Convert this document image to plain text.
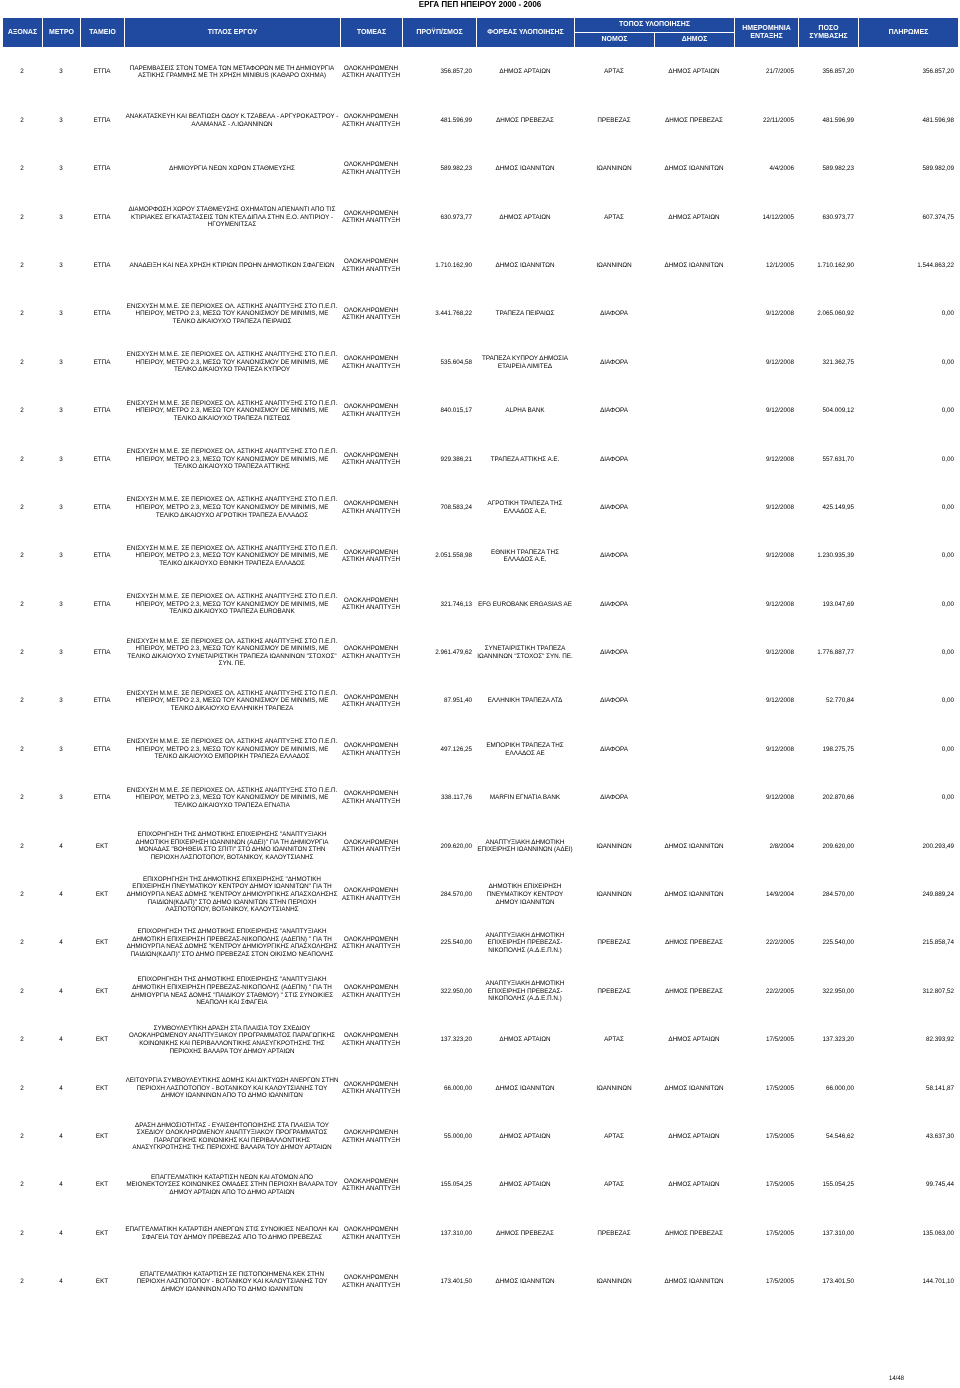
ΕΡΓΑ ΠΕΠ ΗΠΕΙΡΟΥ 2000 - 2006
ΑΞΟΝΑΣ	ΜΕΤΡΟ	ΤΑΜΕΙΟ	ΤΙΤΛΟΣ ΕΡΓΟΥ	ΤΟΜΕΑΣ	ΠΡΟΫΠ/ΣΜΟΣ	ΦΟΡΕΑΣ ΥΛΟΠΟΙΗΣΗΣ	ΤΟΠΟΣ ΥΛΟΠΟΙΗΣΗΣ		ΗΜΕΡΟΜΗΝΙΑ ΕΝΤΑΞΗΣ	ΠΟΣΟ ΣΥΜΒΑΣΗΣ	ΠΛΗΡΩΜΕΣ
							ΝΟΜΟΣ	ΔΗΜΟΣ			
2	3	ΕΤΠΑ	ΠΑΡΕΜΒΑΣΕΙΣ ΣΤΟΝ ΤΟΜΕΑ ΤΩΝ ΜΕΤΑΦΟΡΩΝ ΜΕ ΤΗ ΔΗΜΙΟΥΡΓΙΑ ΑΣΤΙΚΗΣ ΓΡΑΜΜΗΣ ΜΕ ΤΗ ΧΡΗΣΗ MINIBUS (ΚΑΘΑΡΟ ΟΧΗΜΑ)	ΟΛΟΚΛΗΡΩΜΕΝΗ ΑΣΤΙΚΗ ΑΝΑΠΤΥΞΗ	356.857,20	ΔΗΜΟΣ ΑΡΤΑΙΩΝ	ΑΡΤΑΣ	ΔΗΜΟΣ ΑΡΤΑΙΩΝ	21/7/2005	356.857,20	356.857,20
2	3	ΕΤΠΑ	ΑΝΑΚΑΤΑΣΚΕΥΗ ΚΑΙ ΒΕΛΤΙΩΣΗ ΟΔΟΥ Κ.ΤΖΑΒΕΛΑ - ΑΡΓΥΡΟΚΑΣΤΡΟΥ - ΑΛΑΜΑΝΑΣ - Λ.ΙΩΑΝΝΙΝΩΝ	ΟΛΟΚΛΗΡΩΜΕΝΗ ΑΣΤΙΚΗ ΑΝΑΠΤΥΞΗ	481.596,99	ΔΗΜΟΣ ΠΡΕΒΕΖΑΣ	ΠΡΕΒΕΖΑΣ	ΔΗΜΟΣ ΠΡΕΒΕΖΑΣ	22/11/2005	481.596,99	481.596,98
2	3	ΕΤΠΑ	ΔΗΜΙΟΥΡΓΙΑ ΝΕΩΝ ΧΩΡΩΝ ΣΤΑΘΜΕΥΣΗΣ	ΟΛΟΚΛΗΡΩΜΕΝΗ ΑΣΤΙΚΗ ΑΝΑΠΤΥΞΗ	589.982,23	ΔΗΜΟΣ ΙΩΑΝΝΙΤΩΝ	ΙΩΑΝΝΙΝΩΝ	ΔΗΜΟΣ ΙΩΑΝΝΙΤΩΝ	4/4/2006	589.982,23	589.982,09
2	3	ΕΤΠΑ	ΔΙΑΜΟΡΦΩΣΗ ΧΩΡΟΥ ΣΤΑΘΜΕΥΣΗΣ ΟΧΗΜΑΤΩΝ ΑΠΕΝΑΝΤΙ ΑΠΟ ΤΙΣ ΚΤΙΡΙΑΚΕΣ ΕΓΚΑΤΑΣΤΑΣΕΙΣ ΤΩΝ ΚΤΕΛ ΔΙΠΛΑ ΣΤΗΝ Ε.Ο. ΑΝΤΙΡΙΟΥ - ΗΓΟΥΜΕΝΙΤΣΑΣ	ΟΛΟΚΛΗΡΩΜΕΝΗ ΑΣΤΙΚΗ ΑΝΑΠΤΥΞΗ	630.973,77	ΔΗΜΟΣ ΑΡΤΑΙΩΝ	ΑΡΤΑΣ	ΔΗΜΟΣ ΑΡΤΑΙΩΝ	14/12/2005	630.973,77	607.374,75
2	3	ΕΤΠΑ	ΑΝΑΔΕΙΞΗ ΚΑΙ ΝΕΑ ΧΡΗΣΗ ΚΤΙΡΙΩΝ ΠΡΩΗΝ ΔΗΜΟΤΙΚΩΝ ΣΦΑΓΕΙΩΝ	ΟΛΟΚΛΗΡΩΜΕΝΗ ΑΣΤΙΚΗ ΑΝΑΠΤΥΞΗ	1.710.162,90	ΔΗΜΟΣ ΙΩΑΝΝΙΤΩΝ	ΙΩΑΝΝΙΝΩΝ	ΔΗΜΟΣ ΙΩΑΝΝΙΤΩΝ	12/1/2005	1.710.162,90	1.544.863,22
2	3	ΕΤΠΑ	ΕΝΙΣΧΥΣΗ Μ.Μ.Ε. ΣΕ ΠΕΡΙΟΧΕΣ ΟΛ. ΑΣΤΙΚΗΣ ΑΝΑΠΤΥΞΗΣ ΣΤΟ Π.Ε.Π. ΗΠΕΙΡΟΥ, ΜΕΤΡΟ 2.3, ΜΕΣΩ ΤΟΥ ΚΑΝΟΝΙΣΜΟΥ DE MINIMIS, ΜΕ ΤΕΛΙΚΟ ΔΙΚΑΙΟΥΧΟ ΤΡΑΠΕΖΑ ΠΕΙΡΑΙΩΣ	ΟΛΟΚΛΗΡΩΜΕΝΗ ΑΣΤΙΚΗ ΑΝΑΠΤΥΞΗ	3.441.768,22	ΤΡΑΠΕΖΑ ΠΕΙΡΑΙΩΣ	ΔΙΑΦΟΡΑ		9/12/2008	2.065.060,92	0,00
2	3	ΕΤΠΑ	ΕΝΙΣΧΥΣΗ Μ.Μ.Ε. ΣΕ ΠΕΡΙΟΧΕΣ ΟΛ. ΑΣΤΙΚΗΣ ΑΝΑΠΤΥΞΗΣ ΣΤΟ Π.Ε.Π. ΗΠΕΙΡΟΥ, ΜΕΤΡΟ 2.3, ΜΕΣΩ ΤΟΥ ΚΑΝΟΝΙΣΜΟΥ DE MINIMIS, ΜΕ ΤΕΛΙΚΟ ΔΙΚΑΙΟΥΧΟ ΤΡΑΠΕΖΑ ΚΥΠΡΟΥ	ΟΛΟΚΛΗΡΩΜΕΝΗ ΑΣΤΙΚΗ ΑΝΑΠΤΥΞΗ	535.604,58	ΤΡΑΠΕΖΑ ΚΥΠΡΟΥ ΔΗΜΟΣΙΑ ΕΤΑΙΡΕΙΑ ΛΙΜΙΤΕΔ	ΔΙΑΦΟΡΑ		9/12/2008	321.362,75	0,00
2	3	ΕΤΠΑ	ΕΝΙΣΧΥΣΗ Μ.Μ.Ε. ΣΕ ΠΕΡΙΟΧΕΣ ΟΛ. ΑΣΤΙΚΗΣ ΑΝΑΠΤΥΞΗΣ ΣΤΟ Π.Ε.Π. ΗΠΕΙΡΟΥ, ΜΕΤΡΟ 2.3, ΜΕΣΩ ΤΟΥ ΚΑΝΟΝΙΣΜΟΥ DE MINIMIS, ΜΕ ΤΕΛΙΚΟ ΔΙΚΑΙΟΥΧΟ ΤΡΑΠΕΖΑ ΠΙΣΤΕΩΣ	ΟΛΟΚΛΗΡΩΜΕΝΗ ΑΣΤΙΚΗ ΑΝΑΠΤΥΞΗ	840.015,17	ALPHA BANK	ΔΙΑΦΟΡΑ		9/12/2008	504.009,12	0,00
2	3	ΕΤΠΑ	ΕΝΙΣΧΥΣΗ Μ.Μ.Ε. ΣΕ ΠΕΡΙΟΧΕΣ ΟΛ. ΑΣΤΙΚΗΣ ΑΝΑΠΤΥΞΗΣ ΣΤΟ Π.Ε.Π. ΗΠΕΙΡΟΥ, ΜΕΤΡΟ 2.3, ΜΕΣΩ ΤΟΥ ΚΑΝΟΝΙΣΜΟΥ DE MINIMIS, ΜΕ ΤΕΛΙΚΟ ΔΙΚΑΙΟΥΧΟ ΤΡΑΠΕΖΑ ΑΤΤΙΚΗΣ	ΟΛΟΚΛΗΡΩΜΕΝΗ ΑΣΤΙΚΗ ΑΝΑΠΤΥΞΗ	929.386,21	ΤΡΑΠΕΖΑ ΑΤΤΙΚΗΣ Α.Ε.	ΔΙΑΦΟΡΑ		9/12/2008	557.631,70	0,00
2	3	ΕΤΠΑ	ΕΝΙΣΧΥΣΗ Μ.Μ.Ε. ΣΕ ΠΕΡΙΟΧΕΣ ΟΛ. ΑΣΤΙΚΗΣ ΑΝΑΠΤΥΞΗΣ ΣΤΟ Π.Ε.Π. ΗΠΕΙΡΟΥ, ΜΕΤΡΟ 2.3, ΜΕΣΩ ΤΟΥ ΚΑΝΟΝΙΣΜΟΥ DE MINIMIS, ΜΕ ΤΕΛΙΚΟ ΔΙΚΑΙΟΥΧΟ ΑΓΡΟΤΙΚΗ ΤΡΑΠΕΖΑ ΕΛΛΑΔΟΣ	ΟΛΟΚΛΗΡΩΜΕΝΗ ΑΣΤΙΚΗ ΑΝΑΠΤΥΞΗ	708.583,24	ΑΓΡΟΤΙΚΗ ΤΡΑΠΕΖΑ ΤΗΣ ΕΛΛΑΔΟΣ Α.Ε.	ΔΙΑΦΟΡΑ		9/12/2008	425.149,95	0,00
2	3	ΕΤΠΑ	ΕΝΙΣΧΥΣΗ Μ.Μ.Ε. ΣΕ ΠΕΡΙΟΧΕΣ ΟΛ. ΑΣΤΙΚΗΣ ΑΝΑΠΤΥΞΗΣ ΣΤΟ Π.Ε.Π. ΗΠΕΙΡΟΥ, ΜΕΤΡΟ 2.3, ΜΕΣΩ ΤΟΥ ΚΑΝΟΝΙΣΜΟΥ DE MINIMIS, ΜΕ ΤΕΛΙΚΟ ΔΙΚΑΙΟΥΧΟ ΕΘΝΙΚΗ ΤΡΑΠΕΖΑ ΕΛΛΑΔΟΣ	ΟΛΟΚΛΗΡΩΜΕΝΗ ΑΣΤΙΚΗ ΑΝΑΠΤΥΞΗ	2.051.558,98	ΕΘΝΙΚΗ ΤΡΑΠΕΖΑ ΤΗΣ ΕΛΛΑΔΟΣ Α.Ε.	ΔΙΑΦΟΡΑ		9/12/2008	1.230.935,39	0,00
2	3	ΕΤΠΑ	ΕΝΙΣΧΥΣΗ Μ.Μ.Ε. ΣΕ ΠΕΡΙΟΧΕΣ ΟΛ. ΑΣΤΙΚΗΣ ΑΝΑΠΤΥΞΗΣ ΣΤΟ Π.Ε.Π. ΗΠΕΙΡΟΥ, ΜΕΤΡΟ 2.3, ΜΕΣΩ ΤΟΥ ΚΑΝΟΝΙΣΜΟΥ DE MINIMIS, ΜΕ ΤΕΛΙΚΟ ΔΙΚΑΙΟΥΧΟ ΤΡΑΠΕΖΑ EUROBANK	ΟΛΟΚΛΗΡΩΜΕΝΗ ΑΣΤΙΚΗ ΑΝΑΠΤΥΞΗ	321.746,13	EFG EUROBANK ERGASIAS AE	ΔΙΑΦΟΡΑ		9/12/2008	193.047,69	0,00
2	3	ΕΤΠΑ	ΕΝΙΣΧΥΣΗ Μ.Μ.Ε. ΣΕ ΠΕΡΙΟΧΕΣ ΟΛ. ΑΣΤΙΚΗΣ ΑΝΑΠΤΥΞΗΣ ΣΤΟ Π.Ε.Π. ΗΠΕΙΡΟΥ, ΜΕΤΡΟ 2.3, ΜΕΣΩ ΤΟΥ ΚΑΝΟΝΙΣΜΟΥ DE MINIMIS, ΜΕ ΤΕΛΙΚΟ ΔΙΚΑΙΟΥΧΟ ΣΥΝΕΤΑΙΡΙΣΤΙΚΗ ΤΡΑΠΕΖΑ ΙΩΑΝΝΙΝΩΝ "ΣΤΟΧΟΣ" ΣΥΝ. ΠΕ.	ΟΛΟΚΛΗΡΩΜΕΝΗ ΑΣΤΙΚΗ ΑΝΑΠΤΥΞΗ	2.961.479,62	ΣΥΝΕΤΑΙΡΙΣΤΙΚΗ ΤΡΑΠΕΖΑ ΙΩΑΝΝΙΝΩΝ "ΣΤΟΧΟΣ" ΣΥΝ. ΠΕ.	ΔΙΑΦΟΡΑ		9/12/2008	1.776.887,77	0,00
2	3	ΕΤΠΑ	ΕΝΙΣΧΥΣΗ Μ.Μ.Ε. ΣΕ ΠΕΡΙΟΧΕΣ ΟΛ. ΑΣΤΙΚΗΣ ΑΝΑΠΤΥΞΗΣ ΣΤΟ Π.Ε.Π. ΗΠΕΙΡΟΥ, ΜΕΤΡΟ 2.3, ΜΕΣΩ ΤΟΥ ΚΑΝΟΝΙΣΜΟΥ DE MINIMIS, ΜΕ ΤΕΛΙΚΟ ΔΙΚΑΙΟΥΧΟ ΕΛΛΗΝΙΚΗ ΤΡΑΠΕΖΑ	ΟΛΟΚΛΗΡΩΜΕΝΗ ΑΣΤΙΚΗ ΑΝΑΠΤΥΞΗ	87.951,40	ΕΛΛΗΝΙΚΗ ΤΡΑΠΕΖΑ ΛΤΔ	ΔΙΑΦΟΡΑ		9/12/2008	52.770,84	0,00
2	3	ΕΤΠΑ	ΕΝΙΣΧΥΣΗ Μ.Μ.Ε. ΣΕ ΠΕΡΙΟΧΕΣ ΟΛ. ΑΣΤΙΚΗΣ ΑΝΑΠΤΥΞΗΣ ΣΤΟ Π.Ε.Π. ΗΠΕΙΡΟΥ, ΜΕΤΡΟ 2.3, ΜΕΣΩ ΤΟΥ ΚΑΝΟΝΙΣΜΟΥ DE MINIMIS, ΜΕ ΤΕΛΙΚΟ ΔΙΚΑΙΟΥΧΟ ΕΜΠΟΡΙΚΗ ΤΡΑΠΕΖΑ ΕΛΛΑΔΟΣ	ΟΛΟΚΛΗΡΩΜΕΝΗ ΑΣΤΙΚΗ ΑΝΑΠΤΥΞΗ	497.126,25	ΕΜΠΟΡΙΚΗ ΤΡΑΠΕΖΑ ΤΗΣ ΕΛΛΑΔΟΣ ΑΕ	ΔΙΑΦΟΡΑ		9/12/2008	198.275,75	0,00
2	3	ΕΤΠΑ	ΕΝΙΣΧΥΣΗ Μ.Μ.Ε. ΣΕ ΠΕΡΙΟΧΕΣ ΟΛ. ΑΣΤΙΚΗΣ ΑΝΑΠΤΥΞΗΣ ΣΤΟ Π.Ε.Π. ΗΠΕΙΡΟΥ, ΜΕΤΡΟ 2.3, ΜΕΣΩ ΤΟΥ ΚΑΝΟΝΙΣΜΟΥ DE MINIMIS, ΜΕ ΤΕΛΙΚΟ ΔΙΚΑΙΟΥΧΟ ΤΡΑΠΕΖΑ ΕΓΝΑΤΙΑ	ΟΛΟΚΛΗΡΩΜΕΝΗ ΑΣΤΙΚΗ ΑΝΑΠΤΥΞΗ	338.117,76	MARFIN ΕΓΝΑΤΙΑ BANK	ΔΙΑΦΟΡΑ		9/12/2008	202.870,66	0,00
2	4	ΕΚΤ	ΕΠΙΧΟΡΗΓΗΣΗ ΤΗΣ ΔΗΜΟΤΙΚΗΣ ΕΠΙΧΕΙΡΗΣΗΣ "ΑΝΑΠΤΥΞΙΑΚΗ ΔΗΜΟΤΙΚΗ ΕΠΙΧΕΙΡΗΣΗ ΙΩΑΝΝΙΝΩΝ (ΑΔΕΙ)" ΓΙΑ ΤΗ ΔΗΜΙΟΥΡΓΙΑ ΜΟΝΑΔΑΣ "ΒΟΗΘΕΙΑ ΣΤΟ ΣΠΙΤΙ" ΣΤΟ ΔΗΜΟ ΙΩΑΝΝΙΤΩΝ ΣΤΗΝ ΠΕΡΙΟΧΗ ΛΑΣΠΟΤΟΠΟΥ, ΒΟΤΑΝΙΚΟΥ, ΚΑΛΟΥΤΣΙΑΝΗΣ	ΟΛΟΚΛΗΡΩΜΕΝΗ ΑΣΤΙΚΗ ΑΝΑΠΤΥΞΗ	209.620,00	ΑΝΑΠΤΥΞΙΑΚΗ ΔΗΜΟΤΙΚΗ ΕΠΙΧΕΙΡΗΣΗ ΙΩΑΝΝΙΝΩΝ (ΑΔΕΙ)	ΙΩΑΝΝΙΝΩΝ	ΔΗΜΟΣ ΙΩΑΝΝΙΤΩΝ	2/8/2004	209.620,00	200.293,49
2	4	ΕΚΤ	ΕΠΙΧΟΡΗΓΗΣΗ ΤΗΣ ΔΗΜΟΤΙΚΗΣ ΕΠΙΧΕΙΡΗΣΗΣ "ΔΗΜΟΤΙΚΗ ΕΠΙΧΕΙΡΗΣΗ ΠΝΕΥΜΑΤΙΚΟΥ ΚΕΝΤΡΟΥ ΔΗΜΟΥ ΙΩΑΝΝΙΤΩΝ" ΓΙΑ ΤΗ ΔΗΜΙΟΥΡΓΙΑ ΝΕΑΣ ΔΟΜΗΣ "ΚΕΝΤΡΟΥ ΔΗΜΙΟΥΡΓΙΚΗΣ ΑΠΑΣΧΟΛΗΣΗΣ ΠΑΙΔΙΩΝ(ΚΔΑΠ)" ΣΤΟ ΔΗΜΟ ΙΩΑΝΝΙΤΩΝ ΣΤΗΝ ΠΕΡΙΟΧΗ ΛΑΣΠΟΤΟΠΟΥ, ΒΟΤΑΝΙΚΟΥ, ΚΑΛΟΥΤΣΙΑΝΗΣ	ΟΛΟΚΛΗΡΩΜΕΝΗ ΑΣΤΙΚΗ ΑΝΑΠΤΥΞΗ	284.570,00	ΔΗΜΟΤΙΚΗ ΕΠΙΧΕΙΡΗΣΗ ΠΝΕΥΜΑΤΙΚΟΥ ΚΕΝΤΡΟΥ ΔΗΜΟΥ ΙΩΑΝΝΙΤΩΝ	ΙΩΑΝΝΙΝΩΝ	ΔΗΜΟΣ ΙΩΑΝΝΙΤΩΝ	14/9/2004	284.570,00	249.889,24
2	4	ΕΚΤ	ΕΠΙΧΟΡΗΓΗΣΗ ΤΗΣ ΔΗΜΟΤΙΚΗΣ ΕΠΙΧΕΙΡΗΣΗΣ "ΑΝΑΠΤΥΞΙΑΚΗ ΔΗΜΟΤΙΚΗ ΕΠΙΧΕΙΡΗΣΗ ΠΡΕΒΕΖΑΣ-ΝΙΚΟΠΟΛΗΣ (ΑΔΕΠΝ) " ΓΙΑ ΤΗ ΔΗΜΙΟΥΡΓΙΑ ΝΕΑΣ ΔΟΜΗΣ "ΚΕΝΤΡΟΥ ΔΗΜΙΟΥΡΓΙΚΗΣ ΑΠΑΣΧΟΛΗΣΗΣ ΠΑΙΔΙΩΝ(ΚΔΑΠ)" ΣΤΟ ΔΗΜΟ ΠΡΕΒΕΖΑΣ ΣΤΟΝ ΟΙΚΙΣΜΟ ΝΕΑΠΟΛΗΣ	ΟΛΟΚΛΗΡΩΜΕΝΗ ΑΣΤΙΚΗ ΑΝΑΠΤΥΞΗ	225.540,00	ΑΝΑΠΤΥΞΙΑΚΗ ΔΗΜΟΤΙΚΗ ΕΠΙΧΕΙΡΗΣΗ ΠΡΕΒΕΖΑΣ-ΝΙΚΟΠΟΛΗΣ (Α.Δ.Ε.Π.Ν.)	ΠΡΕΒΕΖΑΣ	ΔΗΜΟΣ ΠΡΕΒΕΖΑΣ	22/2/2005	225.540,00	215.858,74
2	4	ΕΚΤ	ΕΠΙΧΟΡΗΓΗΣΗ ΤΗΣ ΔΗΜΟΤΙΚΗΣ ΕΠΙΧΕΙΡΗΣΗΣ "ΑΝΑΠΤΥΞΙΑΚΗ ΔΗΜΟΤΙΚΗ ΕΠΙΧΕΙΡΗΣΗ ΠΡΕΒΕΖΑΣ-ΝΙΚΟΠΟΛΗΣ (ΑΔΕΠΝ) " ΓΙΑ ΤΗ ΔΗΜΙΟΥΡΓΙΑ ΝΕΑΣ ΔΟΜΗΣ "ΠΑΙΔΙΚΟΥ ΣΤΑΘΜΟΥ) " ΣΤΙΣ ΣΥΝΟΙΚΙΕΣ ΝΕΑΠΟΛΗ ΚΑΙ ΣΦΑΓΕΙΑ	ΟΛΟΚΛΗΡΩΜΕΝΗ ΑΣΤΙΚΗ ΑΝΑΠΤΥΞΗ	322.950,00	ΑΝΑΠΤΥΞΙΑΚΗ ΔΗΜΟΤΙΚΗ ΕΠΙΧΕΙΡΗΣΗ ΠΡΕΒΕΖΑΣ-ΝΙΚΟΠΟΛΗΣ (Α.Δ.Ε.Π.Ν.)	ΠΡΕΒΕΖΑΣ	ΔΗΜΟΣ ΠΡΕΒΕΖΑΣ	22/2/2005	322.950,00	312.807,52
2	4	ΕΚΤ	ΣΥΜΒΟΥΛΕΥΤΙΚΗ ΔΡΑΣΗ ΣΤΑ ΠΛΑΙΣΙΑ ΤΟΥ ΣΧΕΔΙΟΥ ΟΛΟΚΛΗΡΩΜΕΝΟΥ ΑΝΑΠΤΥΞΙΑΚΟΥ ΠΡΟΓΡΑΜΜΑΤΟΣ ΠΑΡΑΓΩΓΙΚΗΣ ΚΟΙΝΩΝΙΚΗΣ ΚΑΙ ΠΕΡΙΒΑΛΛΟΝΤΙΚΗΣ ΑΝΑΣΥΓΚΡΟΤΗΣΗΣ ΤΗΣ ΠΕΡΙΟΧΗΣ ΒΑΛΑΡΑ ΤΟΥ ΔΗΜΟΥ ΑΡΤΑΙΩΝ	ΟΛΟΚΛΗΡΩΜΕΝΗ ΑΣΤΙΚΗ ΑΝΑΠΤΥΞΗ	137.323,20	ΔΗΜΟΣ ΑΡΤΑΙΩΝ	ΑΡΤΑΣ	ΔΗΜΟΣ ΑΡΤΑΙΩΝ	17/5/2005	137.323,20	82.393,92
2	4	ΕΚΤ	ΛΕΙΤΟΥΡΓΙΑ ΣΥΜΒΟΥΛΕΥΤΙΚΗΣ ΔΟΜΗΣ ΚΑΙ ΔΙΚΤΥΩΣΗ ΑΝΕΡΓΩΝ ΣΤΗΝ ΠΕΡΙΟΧΗ ΛΑΣΠΟΤΟΠΟΥ - ΒΟΤΑΝΙΚΟΥ ΚΑΙ ΚΑΛΟΥΤΣΙΑΝΗΣ ΤΟΥ ΔΗΜΟΥ ΙΩΑΝΝΙΝΩΝ ΑΠΟ ΤΟ ΔΗΜΟ ΙΩΑΝΝΙΤΩΝ	ΟΛΟΚΛΗΡΩΜΕΝΗ ΑΣΤΙΚΗ ΑΝΑΠΤΥΞΗ	66.000,00	ΔΗΜΟΣ ΙΩΑΝΝΙΤΩΝ	ΙΩΑΝΝΙΝΩΝ	ΔΗΜΟΣ ΙΩΑΝΝΙΤΩΝ	17/5/2005	66.000,00	58.141,87
2	4	ΕΚΤ	ΔΡΑΣΗ ΔΗΜΟΣΙΟΤΗΤΑΣ - ΕΥΑΙΣΘΗΤΟΠΟΙΗΣΗΣ ΣΤΑ ΠΛΑΙΣΙΑ ΤΟΥ ΣΧΕΔΙΟΥ ΟΛΟΚΛΗΡΩΜΕΝΟΥ ΑΝΑΠΤΥΞΙΑΚΟΥ ΠΡΟΓΡΑΜΜΑΤΟΣ ΠΑΡΑΓΩΓΙΚΗΣ ΚΟΙΝΩΝΙΚΗΣ ΚΑΙ ΠΕΡΙΒΑΛΛΟΝΤΙΚΗΣ ΑΝΑΣΥΓΚΡΟΤΗΣΗΣ ΤΗΣ ΠΕΡΙΟΧΗΣ ΒΑΛΑΡΑ ΤΟΥ ΔΗΜΟΥ ΑΡΤΑΙΩΝ	ΟΛΟΚΛΗΡΩΜΕΝΗ ΑΣΤΙΚΗ ΑΝΑΠΤΥΞΗ	55.000,00	ΔΗΜΟΣ ΑΡΤΑΙΩΝ	ΑΡΤΑΣ	ΔΗΜΟΣ ΑΡΤΑΙΩΝ	17/5/2005	54.546,62	43.637,30
2	4	ΕΚΤ	ΕΠΑΓΓΕΛΜΑΤΙΚΗ ΚΑΤΑΡΤΙΣΗ ΝΕΩΝ ΚΑΙ ΑΤΟΜΩΝ ΑΠΟ ΜΕΙΟΝΕΚΤΟΥΣΕΣ ΚΟΙΝΩΝΙΚΕΣ ΟΜΑΔΕΣ ΣΤΗΝ ΠΕΡΙΟΧΗ ΒΑΛΑΡΑ ΤΟΥ ΔΗΜΟΥ ΑΡΤΑΙΩΝ ΑΠΟ ΤΟ ΔΗΜΟ ΑΡΤΑΙΩΝ	ΟΛΟΚΛΗΡΩΜΕΝΗ ΑΣΤΙΚΗ ΑΝΑΠΤΥΞΗ	155.054,25	ΔΗΜΟΣ ΑΡΤΑΙΩΝ	ΑΡΤΑΣ	ΔΗΜΟΣ ΑΡΤΑΙΩΝ	17/5/2005	155.054,25	99.745,44
2	4	ΕΚΤ	ΕΠΑΓΓΕΛΜΑΤΙΚΗ ΚΑΤΑΡΤΙΣΗ ΑΝΕΡΓΩΝ ΣΤΙΣ ΣΥΝΟΙΚΙΕΣ ΝΕΑΠΟΛΗ ΚΑΙ ΣΦΑΓΕΙΑ ΤΟΥ ΔΗΜΟΥ ΠΡΕΒΕΖΑΣ ΑΠΟ ΤΟ ΔΗΜΟ ΠΡΕΒΕΖΑΣ	ΟΛΟΚΛΗΡΩΜΕΝΗ ΑΣΤΙΚΗ ΑΝΑΠΤΥΞΗ	137.310,00	ΔΗΜΟΣ ΠΡΕΒΕΖΑΣ	ΠΡΕΒΕΖΑΣ	ΔΗΜΟΣ ΠΡΕΒΕΖΑΣ	17/5/2005	137.310,00	135.063,00
2	4	ΕΚΤ	ΕΠΑΓΓΕΛΜΑΤΙΚΗ ΚΑΤΑΡΤΙΣΗ ΣΕ ΠΙΣΤΟΠΟΙΗΜΕΝΑ ΚΕΚ ΣΤΗΝ ΠΕΡΙΟΧΗ ΛΑΣΠΟΤΟΠΟΥ - ΒΟΤΑΝΙΚΟΥ ΚΑΙ ΚΑΛΟΥΤΣΙΑΝΗΣ ΤΟΥ ΔΗΜΟΥ ΙΩΑΝΝΙΝΩΝ ΑΠΟ ΤΟ ΔΗΜΟ ΙΩΑΝΝΙΤΩΝ	ΟΛΟΚΛΗΡΩΜΕΝΗ ΑΣΤΙΚΗ ΑΝΑΠΤΥΞΗ	173.401,50	ΔΗΜΟΣ ΙΩΑΝΝΙΤΩΝ	ΙΩΑΝΝΙΝΩΝ	ΔΗΜΟΣ ΙΩΑΝΝΙΤΩΝ	17/5/2005	173.401,50	144.701,10
14/48
